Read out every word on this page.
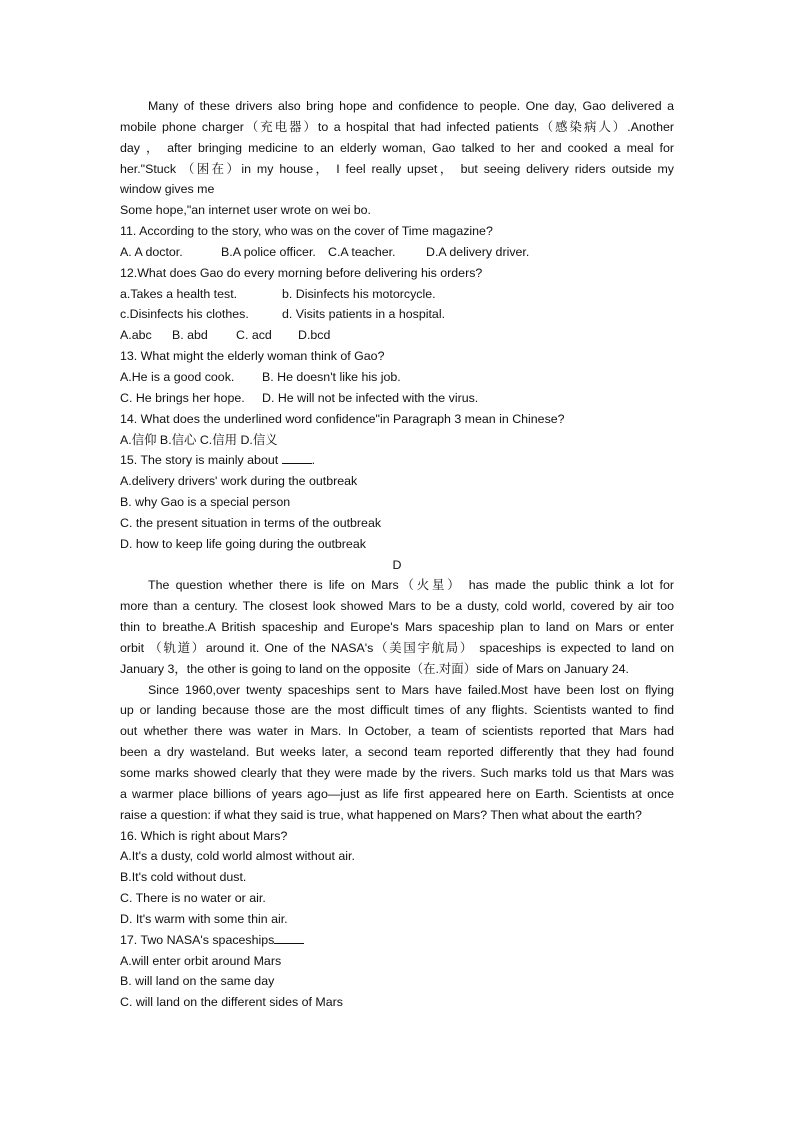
Many of these drivers also bring hope and confidence to people. One day, Gao delivered a
mobile phone charger（充电器）to a hospital that had infected patients（感染病人）.Another
day ， after bringing medicine to an elderly woman, Gao talked to her and cooked a meal for
her."Stuck （困在）in my house， I feel really upset， but seeing delivery riders outside my
window gives me
Some hope,"an internet user wrote on wei bo.
11. According to the story, who was on the cover of Time magazine?
A. A doctor.	B.A police officer. C.A teacher. D.A delivery driver.
12.What does Gao do every morning before delivering his orders?
a.Takes a health test.	b. Disinfects his motorcycle.
c.Disinfects his clothes.	d. Visits patients in a hospital.
A.abc B. abd C. acd D.bcd
13. What might the elderly woman think of Gao?
A.He is a good cook. B. He doesn't like his job.
C. He brings her hope. D. He will not be infected with the virus.
14. What does the underlined word confidence"in Paragraph 3 mean in Chinese?
A.信仰 B.信心 C.信用 D.信义
15. The story is mainly about .
A.delivery drivers' work during the outbreak
B. why Gao is a special person
C. the present situation in terms of the outbreak
D. how to keep life going during the outbreak
D
The question whether there is life on Mars（火星） has made the public think a lot for
more than a century. The closest look showed Mars to be a dusty, cold world, covered by air too
thin to breathe.A British spaceship and Europe's Mars spaceship plan to land on Mars or enter
orbit （轨道）around it. One of the NASA's（美国宇航局） spaceships is expected to land on
January 3，the other is going to land on the opposite（在.对面）side of Mars on January 24.
Since 1960,over twenty spaceships sent to Mars have failed.Most have been lost on flying
up or landing because those are the most difficult times of any flights. Scientists wanted to find
out whether there was water in Mars. In October, a team of scientists reported that Mars had
been a dry wasteland. But weeks later, a second team reported differently that they had found
some marks showed clearly that they were made by the rivers. Such marks told us that Mars was
a warmer place billions of years ago—just as life first appeared here on Earth. Scientists at once
raise a question: if what they said is true, what happened on Mars? Then what about the earth?
16. Which is right about Mars?
A.It's a dusty, cold world almost without air.
B.It's cold without dust.
C. There is no water or air.
D. It's warm with some thin air.
17. Two NASA's spaceships
A.will enter orbit around Mars
B. will land on the same day
C. will land on the different sides of Mars
